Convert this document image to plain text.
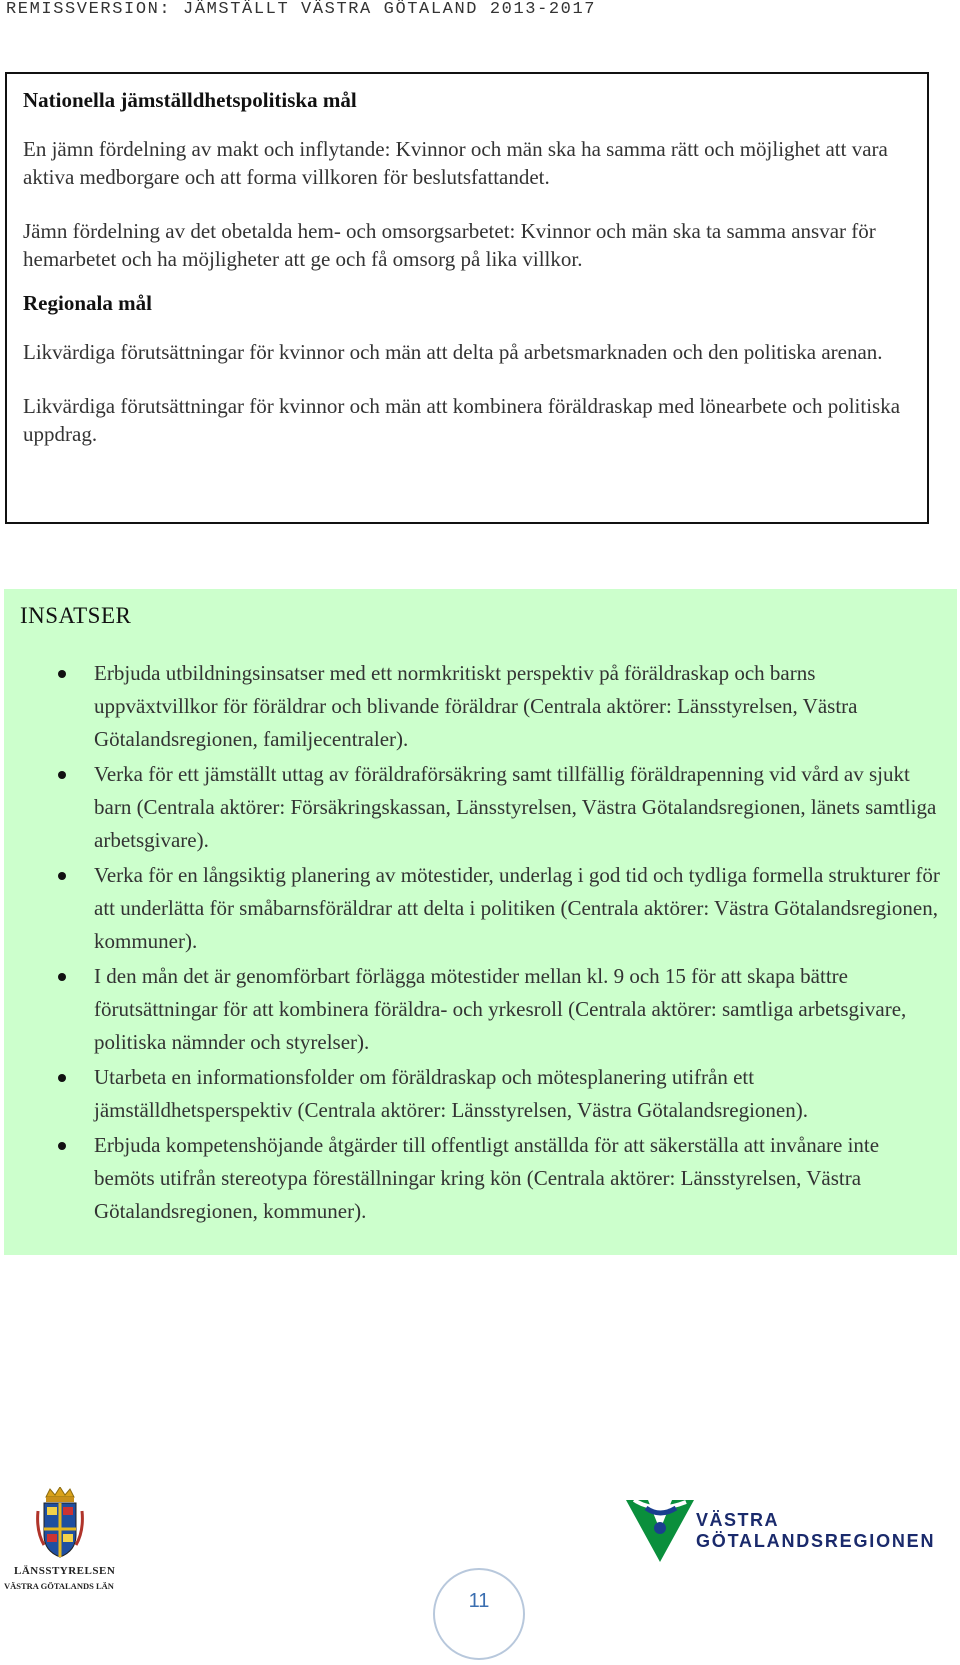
REMISSVERSION: JÄMSTÄLLT VÄSTRA GÖTALAND 2013-2017
Nationella jämställdhetspolitiska mål

En jämn fördelning av makt och inflytande: Kvinnor och män ska ha samma rätt och möjlighet att vara aktiva medborgare och att forma villkoren för beslutsfattandet.

Jämn fördelning av det obetalda hem- och omsorgsarbetet: Kvinnor och män ska ta samma ansvar för hemarbetet och ha möjligheter att ge och få omsorg på lika villkor.

Regionala mål

Likvärdiga förutsättningar för kvinnor och män att delta på arbetsmarknaden och den politiska arenan.

Likvärdiga förutsättningar för kvinnor och män att kombinera föräldraskap med lönearbete och politiska uppdrag.

INSATSER
Erbjuda utbildningsinsatser med ett normkritiskt perspektiv på föräldraskap och barns uppväxtvillkor för föräldrar och blivande föräldrar (Centrala aktörer: Länsstyrelsen, Västra Götalandsregionen, familjecentraler).
Verka för ett jämställt uttag av föräldraförsäkring samt tillfällig föräldrapenning vid vård av sjukt barn (Centrala aktörer: Försäkringskassan, Länsstyrelsen, Västra Götalandsregionen, länets samtliga arbetsgivare).
Verka för en långsiktig planering av mötestider, underlag i god tid och tydliga formella strukturer för att underlätta för småbarnsföräldrar att delta i politiken (Centrala aktörer: Västra Götalandsregionen, kommuner).
I den mån det är genomförbart förlägga mötestider mellan kl. 9 och 15 för att skapa bättre förutsättningar för att kombinera föräldra- och yrkesroll (Centrala aktörer: samtliga arbetsgivare, politiska nämnder och styrelser).
Utarbeta en informationsfolder om föräldraskap och mötesplanering utifrån ett jämställdhetsperspektiv (Centrala aktörer: Länsstyrelsen, Västra Götalandsregionen).
Erbjuda kompetenshöjande åtgärder till offentligt anställda för att säkerställa att invånare inte bemöts utifrån stereotypa föreställningar kring kön (Centrala aktörer: Länsstyrelsen, Västra Götalandsregionen, kommuner).
LÄNSSTYRELSEN
VÄSTRA GÖTALANDS LÄN
11
VÄSTRA
GÖTALANDSREGIONEN
